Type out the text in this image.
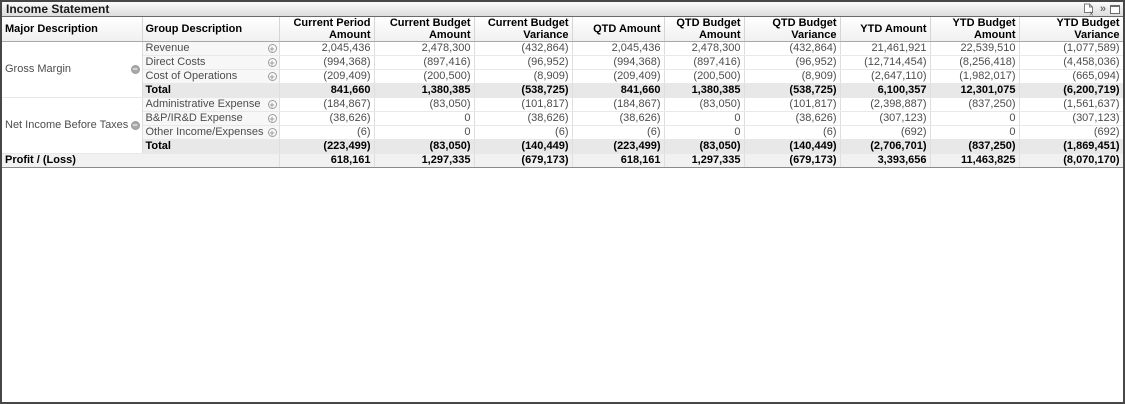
Income Statement	x »
Major Description	Group Description	Current Period Amount	Current Budget Amount	Current Budget Variance	QTD Amount	QTD Budget Amount	QTD Budget Variance	YTD Amount	YTD Budget Amount	YTD Budget Variance

Gross Margin −	Revenue +	2,045,436	2,478,300	(432,864)	2,045,436	2,478,300	(432,864)	21,461,921	22,539,510	(1,077,589)

	Direct Costs +	(994,368)	(897,416)	(96,952)	(994,368)	(897,416)	(96,952)	(12,714,454)	(8,256,418)	(4,458,036)

	Cost of Operations +	(209,409)	(200,500)	(8,909)	(209,409)	(200,500)	(8,909)	(2,647,110)	(1,982,017)	(665,094)
	Total	841,660	1,380,385	(538,725)	841,660	1,380,385	(538,725)	6,100,357	12,301,075	(6,200,719)

Net Income Before Taxes −	Administrative Expense +	(184,867)	(83,050)	(101,817)	(184,867)	(83,050)	(101,817)	(2,398,887)	(837,250)	(1,561,637)

	B&P/IR&D Expense +	(38,626)	0	(38,626)	(38,626)	0	(38,626)	(307,123)	0	(307,123)

	Other Income/Expenses +	(6)	0	(6)	(6)	0	(6)	(692)	0	(692)
	Total	(223,499)	(83,050)	(140,449)	(223,499)	(83,050)	(140,449)	(2,706,701)	(837,250)	(1,869,451)
Profit / (Loss)		618,161	1,297,335	(679,173)	618,161	1,297,335	(679,173)	3,393,656	11,463,825	(8,070,170)
